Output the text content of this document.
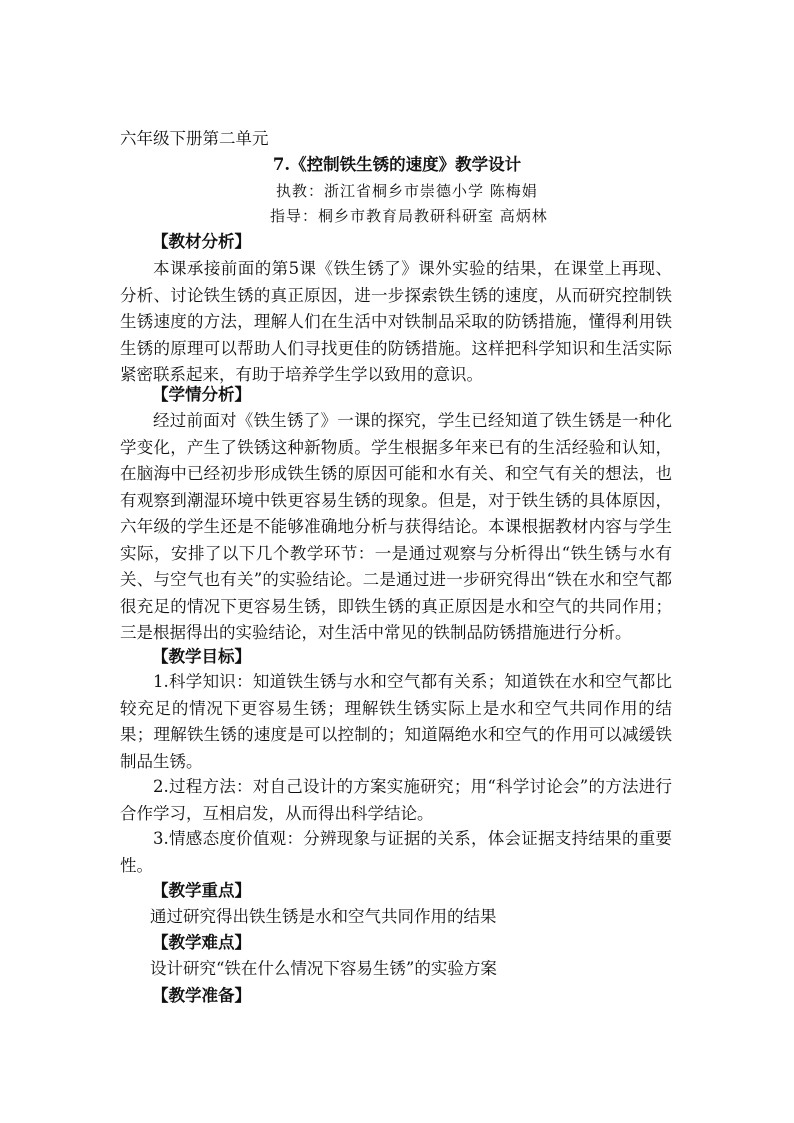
六年级下册第二单元
7.《控制铁生锈的速度》教学设计
执教：浙江省桐乡市崇德小学 陈梅娟
指导：桐乡市教育局教研科研室 高炳林
【教材分析】
本课承接前面的第5课《铁生锈了》课外实验的结果，在课堂上再现、分析、讨论铁生锈的真正原因，进一步探索铁生锈的速度，从而研究控制铁生锈速度的方法，理解人们在生活中对铁制品采取的防锈措施，懂得利用铁生锈的原理可以帮助人们寻找更佳的防锈措施。这样把科学知识和生活实际紧密联系起来，有助于培养学生学以致用的意识。
【学情分析】
经过前面对《铁生锈了》一课的探究，学生已经知道了铁生锈是一种化学变化，产生了铁锈这种新物质。学生根据多年来已有的生活经验和认知，在脑海中已经初步形成铁生锈的原因可能和水有关、和空气有关的想法，也有观察到潮湿环境中铁更容易生锈的现象。但是，对于铁生锈的具体原因，六年级的学生还是不能够准确地分析与获得结论。本课根据教材内容与学生实际，安排了以下几个教学环节：一是通过观察与分析得出“铁生锈与水有关、与空气也有关”的实验结论。二是通过进一步研究得出“铁在水和空气都很充足的情况下更容易生锈，即铁生锈的真正原因是水和空气的共同作用；三是根据得出的实验结论，对生活中常见的铁制品防锈措施进行分析。
【教学目标】
1.科学知识：知道铁生锈与水和空气都有关系；知道铁在水和空气都比较充足的情况下更容易生锈；理解铁生锈实际上是水和空气共同作用的结果；理解铁生锈的速度是可以控制的；知道隔绝水和空气的作用可以减缓铁制品生锈。
2.过程方法：对自己设计的方案实施研究；用“科学讨论会”的方法进行合作学习，互相启发，从而得出科学结论。
3.情感态度价值观：分辨现象与证据的关系，体会证据支持结果的重要性。
【教学重点】
通过研究得出铁生锈是水和空气共同作用的结果
【教学难点】
设计研究“铁在什么情况下容易生锈”的实验方案
【教学准备】
